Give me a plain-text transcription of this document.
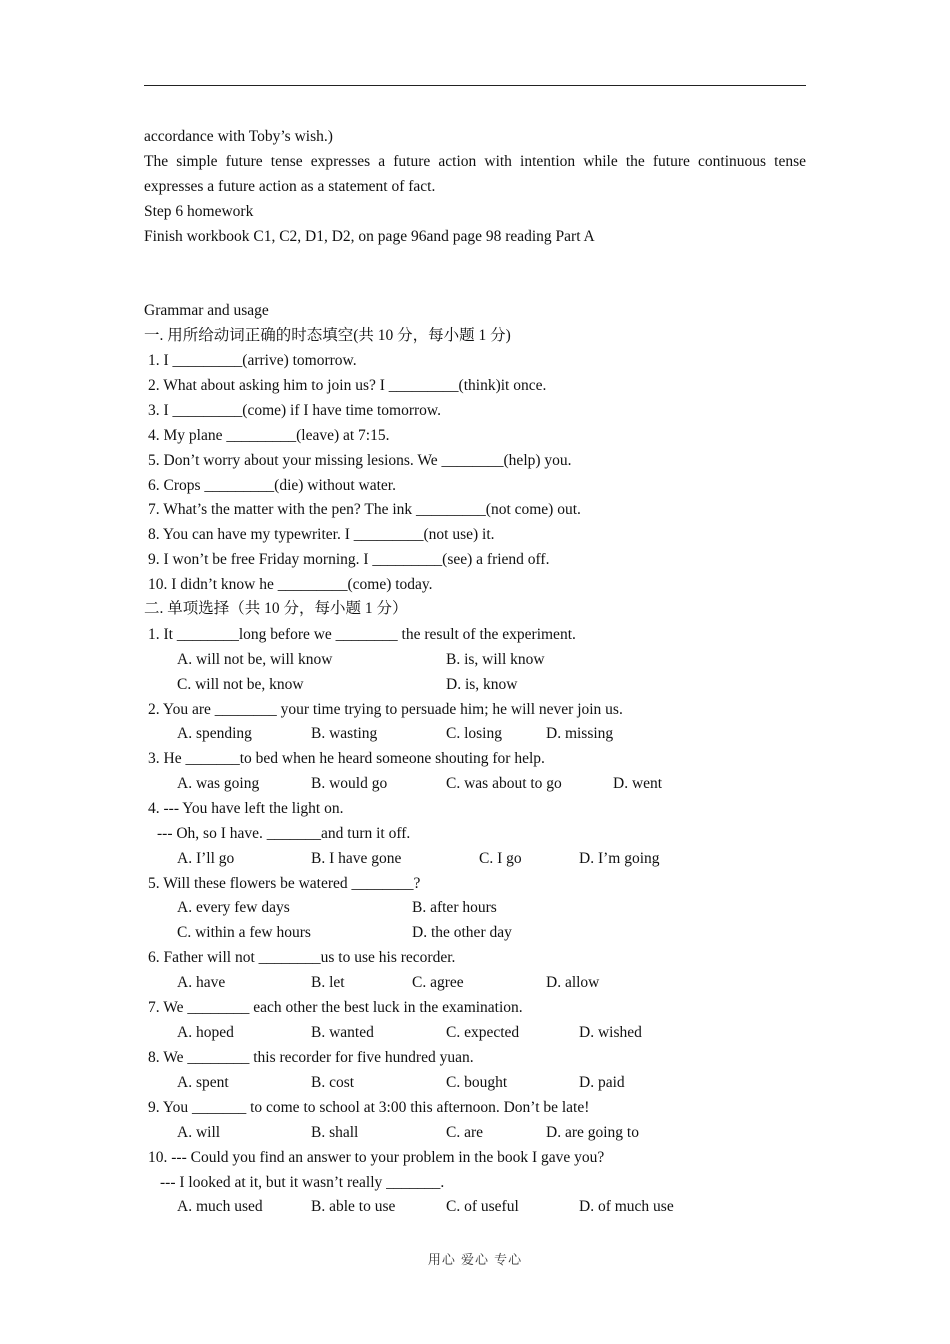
accordance with Toby’s wish.)
The simple future tense expresses a future action with intention while the future continuous tense
expresses a future action as a statement of fact.
Step 6 homework
Finish workbook C1, C2, D1, D2, on page 96and page 98 reading Part A
Grammar and usage
一. 用所给动词正确的时态填空(共 10 分，每小题 1 分)
1. I _________(arrive) tomorrow.
2. What about asking him to join us? I _________(think)it once.
3. I _________(come) if I have time tomorrow.
4. My plane _________(leave) at 7:15.
5. Don’t worry about your missing lesions. We ________(help) you.
6. Crops _________(die) without water.
7. What’s the matter with the pen? The ink _________(not come) out.
8. You can have my typewriter. I _________(not use) it.
9. I won’t be free Friday morning. I _________(see) a friend off.
10. I didn’t know he _________(come) today.
二. 单项选择（共 10 分，每小题 1 分）
1. It ________long before we ________ the result of the experiment.
A. will not be, will know	B. is, will know
C. will not be, know	D. is, know
2. You are ________ your time trying to persuade him; he will never join us.
A. spending	B. wasting	C. losing	D. missing
3. He _______to bed when he heard someone shouting for help.
A. was going	B. would go	C. was about to go	D. went
4. --- You have left the light on.
--- Oh, so I have. _______and turn it off.
A. I’ll go	B. I have gone	C. I go	D. I’m going
5. Will these flowers be watered ________?
A. every few days	B. after hours
C. within a few hours	D. the other day
6. Father will not ________us to use his recorder.
A. have	B. let	C. agree	D. allow
7. We ________ each other the best luck in the examination.
A. hoped	B. wanted	C. expected	D. wished
8. We ________ this recorder for five hundred yuan.
A. spent	B. cost	C. bought	D. paid
9. You _______ to come to school at 3:00 this afternoon. Don’t be late!
A. will	B. shall	C. are	D. are going to
10. --- Could you find an answer to your problem in the book I gave you?
--- I looked at it, but it wasn’t really _______.
A. much used	B. able to use	C. of useful	D. of much use
用心 爱心 专心
